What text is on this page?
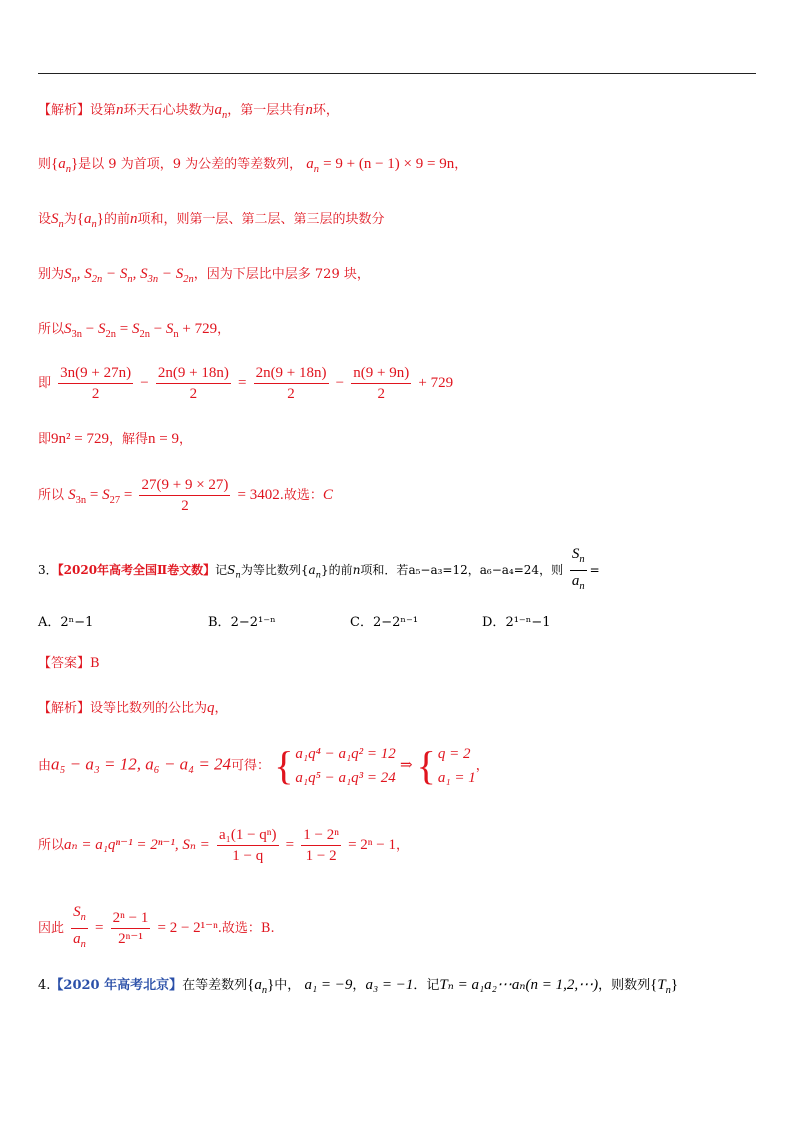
【解析】设第n环天石心块数为$a_n$，第一层共有n环，
则$\{a_n\}$是以 9 为首项，9 为公差的等差数列， $a_n = 9 + (n - 1) \times 9 = 9n$，
设$S_n$为$\{a_n\}$的前n项和，则第一层、第二层、第三层的块数分
别为$S_n$, $S_{2n} - S_n$, $S_{3n} - S_{2n}$，因为下层比中层多 729 块，
所以$S_{3n} - S_{2n} = S_{2n} - S_n + 729$，
即 $\frac{3n(9 + 27n)}{2} - \frac{2n(9 + 18n)}{2} = \frac{2n(9 + 18n)}{2} - \frac{n(9 + 9n)}{2} + 729$
即9n² = 729，解得n = 9，
所以 $S_{3n} = S_{27} = \frac{27(9 + 9 \times 27)}{2} = 3402$.故选：C
3．【2020年高考全国Ⅱ卷文数】记$S_n$为等比数列$\{a_n\}$的前n项和．若a₅−a₃=12，a₆−a₄=24，则 $\frac{S_n}{a_n}$ =
A．2ⁿ−1	B．2−2¹⁻ⁿ	C．2−2ⁿ⁻¹	D．2¹⁻ⁿ−1
【答案】B
【解析】设等比数列的公比为q，
由a₅ − a₃ = 12, a₆ − a₄ = 24可得： { a₁q⁴ − a₁q² = 12
a₁q⁵ − a₁q³ = 24
⇒ { q = 2
a₁ = 1
，
所以aₙ = a₁qⁿ⁻¹ = 2ⁿ⁻¹, $S_n = \frac{\text{a₁(1 − qⁿ)}}{1 - q} = \frac{\text{1 − 2ⁿ}}{1 - 2} = 2^n - 1$，
因此 $\frac{S_n}{a_n} = \frac{\text{2ⁿ − 1}}{\text{2ⁿ⁻¹}} = 2 - 2^{1-n}$.故选：B.
4.【2020 年高考北京】在等差数列$\{a_n\}$中， a₁ = −9，a₃ = −1．记Tₙ = a₁a₂⋯aₙ(n = 1,2,⋯)，则数列$\{T_n\}$
